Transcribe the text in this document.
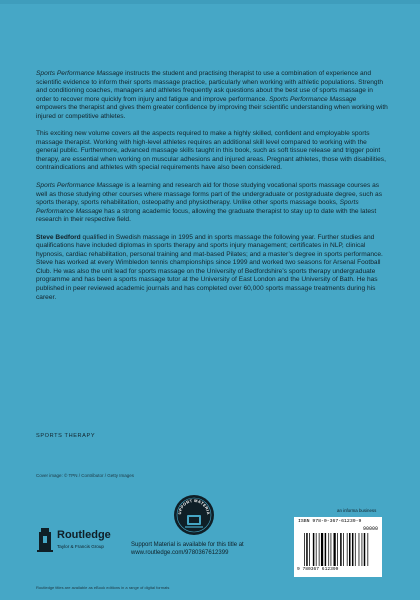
Sports Performance Massage instructs the student and practising therapist to use a combination of experience and scientific evidence to inform their sports massage practice, particularly when working with athletic populations. Strength and conditioning coaches, managers and athletes frequently ask questions about the best use of sports massage in order to recover more quickly from injury and fatigue and improve performance. Sports Performance Massage empowers the therapist and gives them greater confidence by improving their scientific understanding when working with injured or competitive athletes.

This exciting new volume covers all the aspects required to make a highly skilled, confident and employable sports massage therapist. Working with high-level athletes requires an additional skill level compared to working with the general public. Furthermore, advanced massage skills taught in this book, such as soft tissue release and trigger point therapy, are essential when working on muscular adhesions and injured areas. Pregnant athletes, those with disabilities, contraindications and athletes with special requirements have also been considered.

Sports Performance Massage is a learning and research aid for those studying vocational sports massage courses as well as those studying other courses where massage forms part of the undergraduate or postgraduate degree, such as sports therapy, sports rehabilitation, osteopathy and physiotherapy. Unlike other sports massage books, Sports Performance Massage has a strong academic focus, allowing the graduate therapist to stay up to date with the latest research in their respective field.

Steve Bedford qualified in Swedish massage in 1995 and in sports massage the following year. Further studies and qualifications have included diplomas in sports therapy and sports injury management; certificates in NLP, clinical hypnosis, cardiac rehabilitation, personal training and mat-based Pilates; and a master’s degree in sports performance. Steve has worked at every Wimbledon tennis championships since 1999 and worked two seasons for Arsenal Football Club. He was also the unit lead for sports massage on the University of Bedfordshire’s sports therapy undergraduate programme and has been a sports massage tutor at the University of East London and the University of Bath. He has published in peer reviewed academic journals and has completed over 60,000 sports massage treatments during his career.

SPORTS THERAPY
Cover image: © TPN / Contributor / Getty Images
Routledge
Taylor & Francis Group
UPPORT MATERIA
Support Material is available for this title at
www.routledge.com/9780367612399
an informa business
ISBN 978-0-367-61239-9
90000
9 780367 612399
Routledge titles are available as eBook editions in a range of digital formats
